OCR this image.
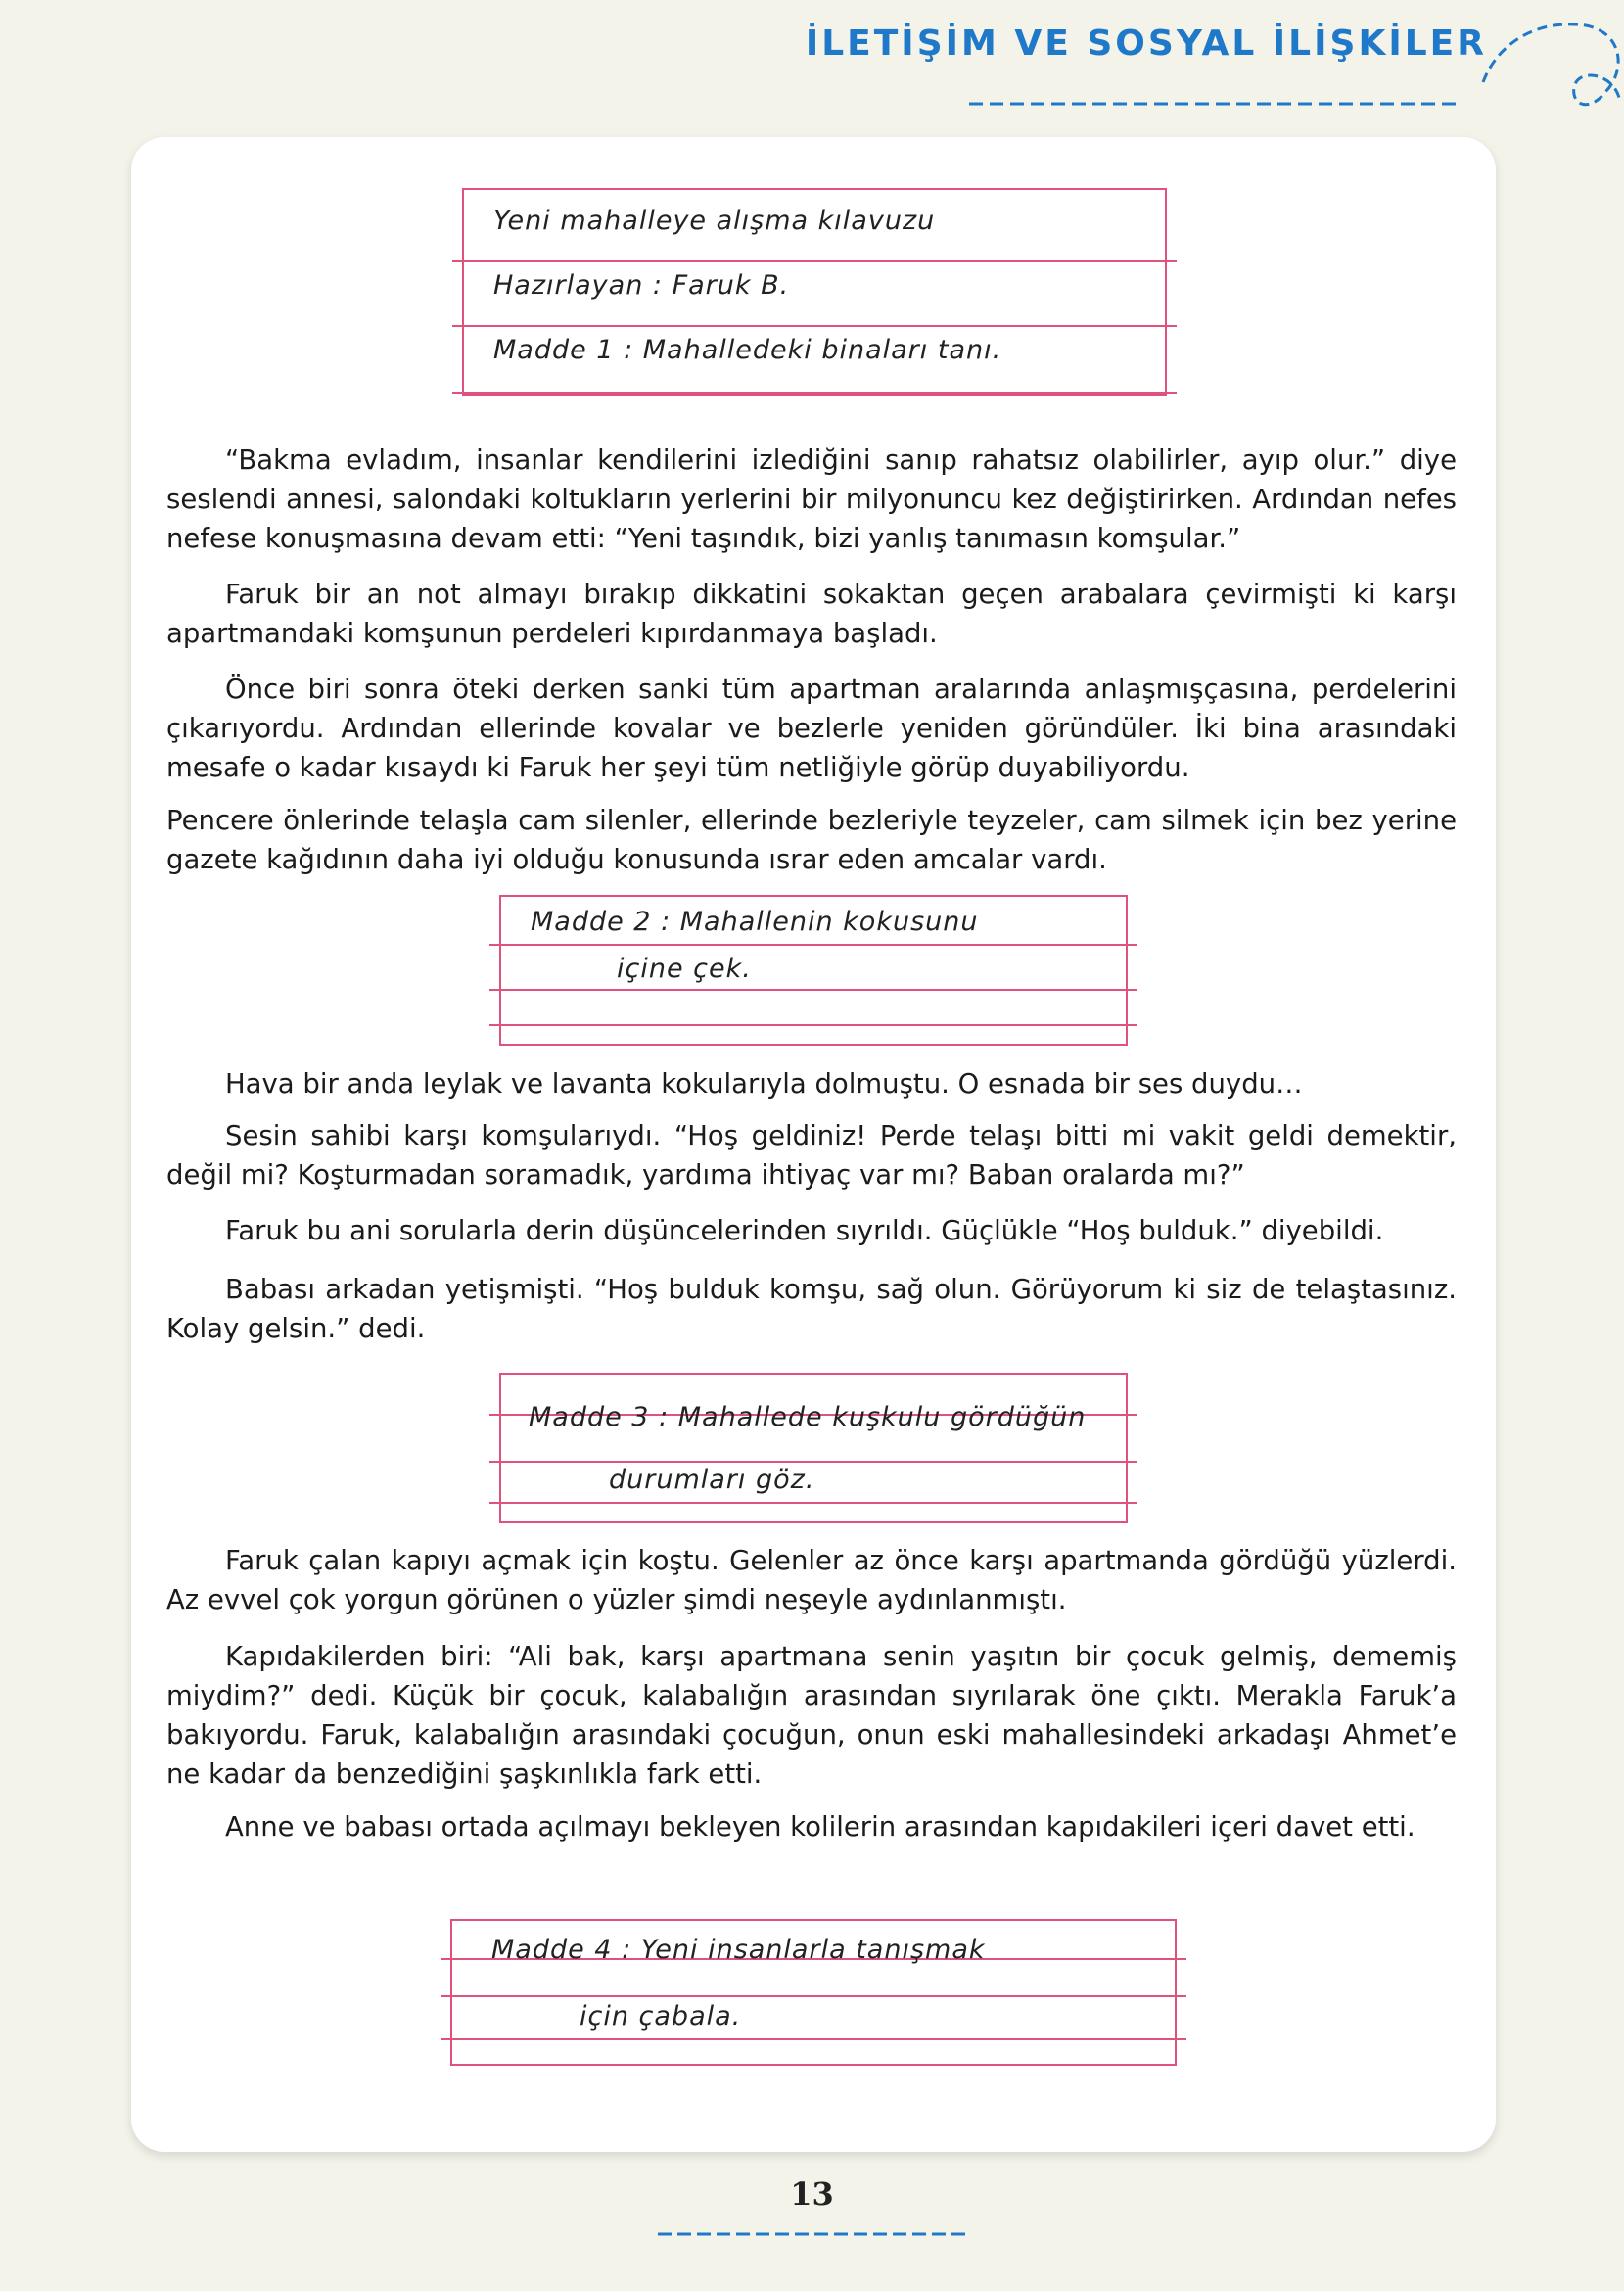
İLETİŞİM VE SOSYAL İLİŞKİLER
Yeni mahalleye alışma kılavuzu
Hazırlayan : Faruk B.
Madde 1 : Mahalledeki binaları tanı.

“Bakma evladım, insanlar kendilerini izlediğini sanıp rahatsız olabilirler, ayıp olur.” diye seslendi annesi, salondaki koltukların yerlerini bir milyonuncu kez değiştirirken. Ardından nefes nefese konuşmasına devam etti: “Yeni taşındık, bizi yanlış tanımasın komşular.”

Faruk bir an not almayı bırakıp dikkatini sokaktan geçen arabalara çevirmişti ki karşı apartmandaki komşunun perdeleri kıpırdanmaya başladı.

Önce biri sonra öteki derken sanki tüm apartman aralarında anlaşmışçasına, perdelerini çıkarıyordu. Ardından ellerinde kovalar ve bezlerle yeniden göründüler. İki bina arasındaki mesafe o kadar kısaydı ki Faruk her şeyi tüm netliğiyle görüp duyabiliyordu.

Pencere önlerinde telaşla cam silenler, ellerinde bezleriyle teyzeler, cam silmek için bez yerine gazete kağıdının daha iyi olduğu konusunda ısrar eden amcalar vardı.

Madde 2 : Mahallenin kokusunu
içine çek.

Hava bir anda leylak ve lavanta kokularıyla dolmuştu. O esnada bir ses duydu…

Sesin sahibi karşı komşularıydı. “Hoş geldiniz! Perde telaşı bitti mi vakit geldi demektir, değil mi? Koşturmadan soramadık, yardıma ihtiyaç var mı? Baban oralarda mı?”

Faruk bu ani sorularla derin düşüncelerinden sıyrıldı. Güçlükle “Hoş bulduk.” diyebildi.

Babası arkadan yetişmişti. “Hoş bulduk komşu, sağ olun. Görüyorum ki siz de telaştasınız. Kolay gelsin.” dedi.

Madde 3 : Mahallede kuşkulu gördüğün
durumları göz.

Faruk çalan kapıyı açmak için koştu. Gelenler az önce karşı apartmanda gördüğü yüzlerdi. Az evvel çok yorgun görünen o yüzler şimdi neşeyle aydınlanmıştı.

Kapıdakilerden biri: “Ali bak, karşı apartmana senin yaşıtın bir çocuk gelmiş, dememiş miydim?” dedi. Küçük bir çocuk, kalabalığın arasından sıyrılarak öne çıktı. Merakla Faruk’a bakıyordu. Faruk, kalabalığın arasındaki çocuğun, onun eski mahallesindeki arkadaşı Ahmet’e ne kadar da benzediğini şaşkınlıkla fark etti.

Anne ve babası ortada açılmayı bekleyen kolilerin arasından kapıdakileri içeri davet etti.

Madde 4 : Yeni insanlarla tanışmak
için çabala.
13
